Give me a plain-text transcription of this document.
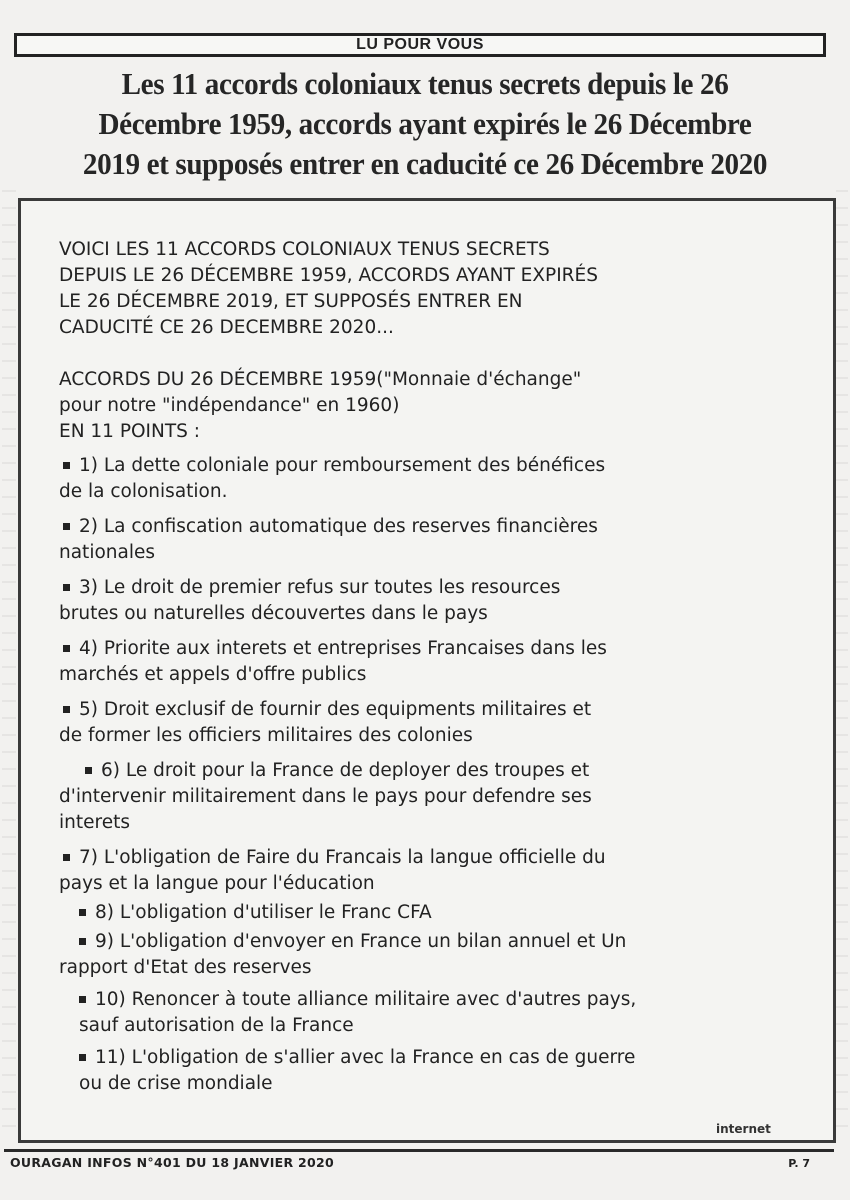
LU POUR VOUS
Les 11 accords coloniaux tenus secrets depuis le 26
Décembre 1959, accords ayant expirés le 26 Décembre
2019 et supposés entrer en caducité ce 26 Décembre 2020

VOICI LES 11 ACCORDS COLONIAUX TENUS SECRETS
DEPUIS LE 26 DÉCEMBRE 1959, ACCORDS AYANT EXPIRÉS
LE 26 DÉCEMBRE 2019, ET SUPPOSÉS ENTRER EN
CADUCITÉ CE 26 DECEMBRE 2020...

ACCORDS DU 26 DÉCEMBRE 1959("Monnaie d'échange"
pour notre "indépendance" en 1960)

EN 11 POINTS :

1) La dette coloniale pour remboursement des bénéfices
de la colonisation.

2) La confiscation automatique des reserves financières
nationales

3) Le droit de premier refus sur toutes les resources
brutes ou naturelles découvertes dans le pays

4) Priorite aux interets et entreprises Francaises dans les
marchés et appels d'offre publics

5) Droit exclusif de fournir des equipments militaires et
de former les officiers militaires des colonies

6) Le droit pour la France de deployer des troupes et
d'intervenir militairement dans le pays pour defendre ses
interets

7) L'obligation de Faire du Francais la langue officielle du
pays et la langue pour l'éducation

8) L'obligation d'utiliser le Franc CFA

9) L'obligation d'envoyer en France un bilan annuel et Un
rapport d'Etat des reserves

10) Renoncer à toute alliance militaire avec d'autres pays,
sauf autorisation de la France

11) L'obligation de s'allier avec la France en cas de guerre
ou de crise mondiale

internet
OURAGAN INFOS N°401 DU 18 JANVIER 2020	P. 7
